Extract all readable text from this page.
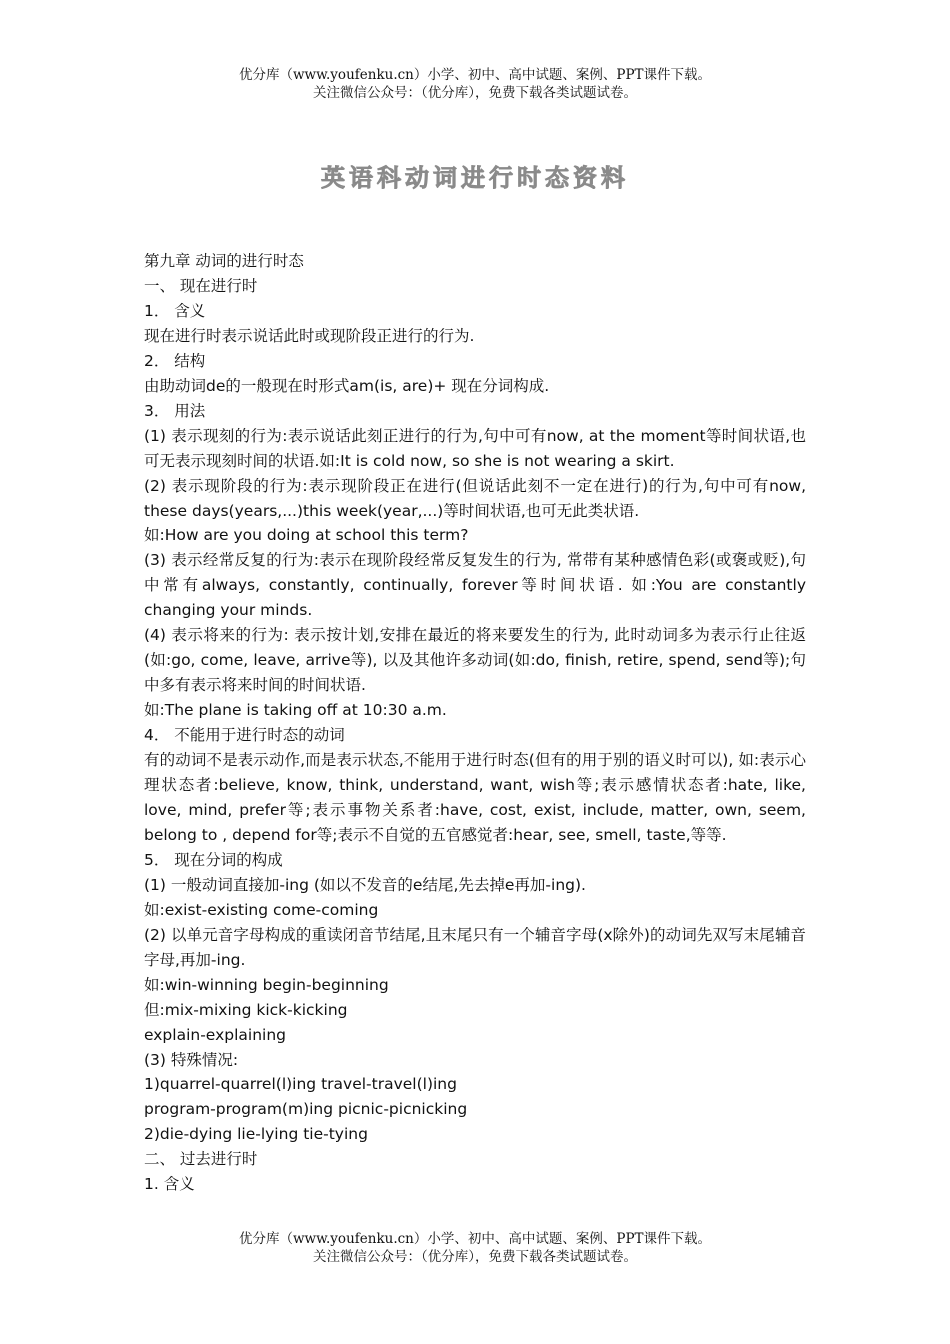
优分库（www.youfenku.cn）小学、初中、高中试题、案例、PPT课件下载。
关注微信公众号：（优分库），免费下载各类试题试卷。
英语科动词进行时态资料

第九章 动词的进行时态

一、 现在进行时

1． 含义

现在进行时表示说话此时或现阶段正进行的行为.

2． 结构

由助动词de的一般现在时形式am(is, are)+ 现在分词构成.

3． 用法

(1) 表示现刻的行为:表示说话此刻正进行的行为,句中可有now, at the moment等时间状语,也可无表示现刻时间的状语.如:It is cold now, so she is not wearing a skirt.

(2) 表示现阶段的行为:表示现阶段正在进行(但说话此刻不一定在进行)的行为,句中可有now, these days(years,...)this week(year,...)等时间状语,也可无此类状语.

如:How are you doing at school this term?

(3) 表示经常反复的行为:表示在现阶段经常反复发生的行为, 常带有某种感情色彩(或褒或贬),句中常有always, constantly, continually, forever等时间状语. 如:You are constantly changing your minds.

(4) 表示将来的行为: 表示按计划,安排在最近的将来要发生的行为, 此时动词多为表示行止往返(如:go, come, leave, arrive等), 以及其他许多动词(如:do, finish, retire, spend, send等);句中多有表示将来时间的时间状语.

如:The plane is taking off at 10:30 a.m.

4． 不能用于进行时态的动词

有的动词不是表示动作,而是表示状态,不能用于进行时态(但有的用于别的语义时可以), 如:表示心理状态者:believe, know, think, understand, want, wish等;表示感情状态者:hate, like, love, mind, prefer等;表示事物关系者:have, cost, exist, include, matter, own, seem, belong to , depend for等;表示不自觉的五官感觉者:hear, see, smell, taste,等等.

5． 现在分词的构成

(1) 一般动词直接加-ing (如以不发音的e结尾,先去掉e再加-ing).

如:exist-existing come-coming

(2) 以单元音字母构成的重读闭音节结尾,且末尾只有一个辅音字母(x除外)的动词先双写末尾辅音字母,再加-ing.

如:win-winning begin-beginning

但:mix-mixing kick-kicking

explain-explaining

(3) 特殊情况:

1)quarrel-quarrel(l)ing travel-travel(l)ing

program-program(m)ing picnic-picnicking

2)die-dying lie-lying tie-tying

二、 过去进行时

1. 含义

优分库（www.youfenku.cn）小学、初中、高中试题、案例、PPT课件下载。
关注微信公众号：（优分库），免费下载各类试题试卷。
